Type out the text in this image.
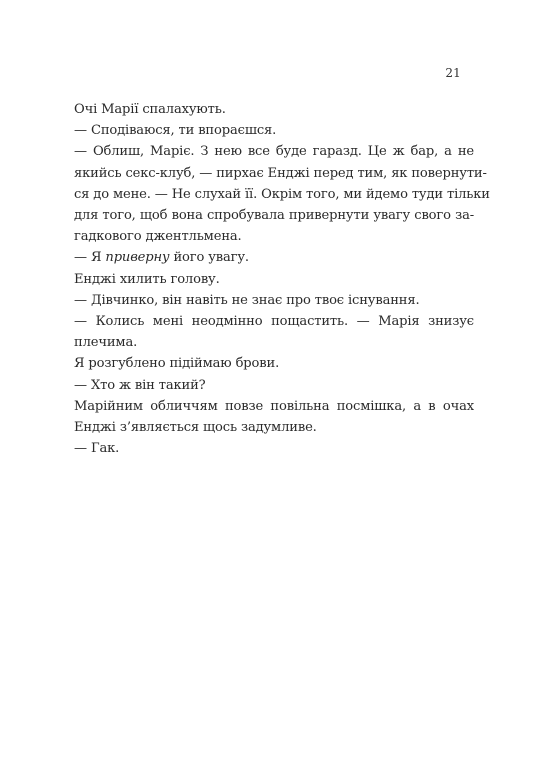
21
Очі Марії спалахують.
— Сподіваюся, ти впораєшся.
— Облиш, Маріє. З нею все буде гаразд. Це ж бар, а не
якийсь секс-клуб, — пирхає Енджі перед тим, як повернути-
ся до мене. — Не слухай її. Окрім того, ми йдемо туди тільки
для того, щоб вона спробувала привернути увагу свого за-
гадкового джентльмена.
— Я приверну його увагу.
Енджі хилить голову.
— Дівчинко, він навіть не знає про твоє існування.
— Колись мені неодмінно пощастить. — Марія знизує
плечима.
Я розгублено підіймаю брови.
— Хто ж він такий?
Марійним обличчям повзе повільна посмішка, а в очах
Енджі з’являється щось задумливе.
— Гак.
